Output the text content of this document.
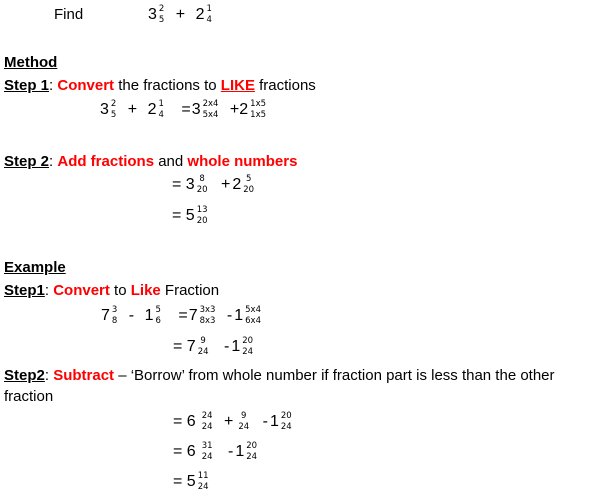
Find	3 2
5 + 2 1
4
Method
Step 1: Convert the fractions to LIKE fractions
3 2
5 + 2 1
4 =3 2x4
5x4 +2 1x5
1x5
Step 2: Add fractions and whole numbers
= 3 8
20 + 2 5
20
= 5 13
20
Example
Step1: Convert to Like Fraction
7 3
8 - 1 5
6 =7 3x3
8x3 - 1 5x4
6x4
= 7 9
24 - 1 20
24
Step2: Subtract – ‘Borrow’ from whole number if fraction part is less than the other
fraction
= 6 24
24 + 9
24 - 1 20
24
= 6 31
24 - 1 20
24
= 5 11
24
